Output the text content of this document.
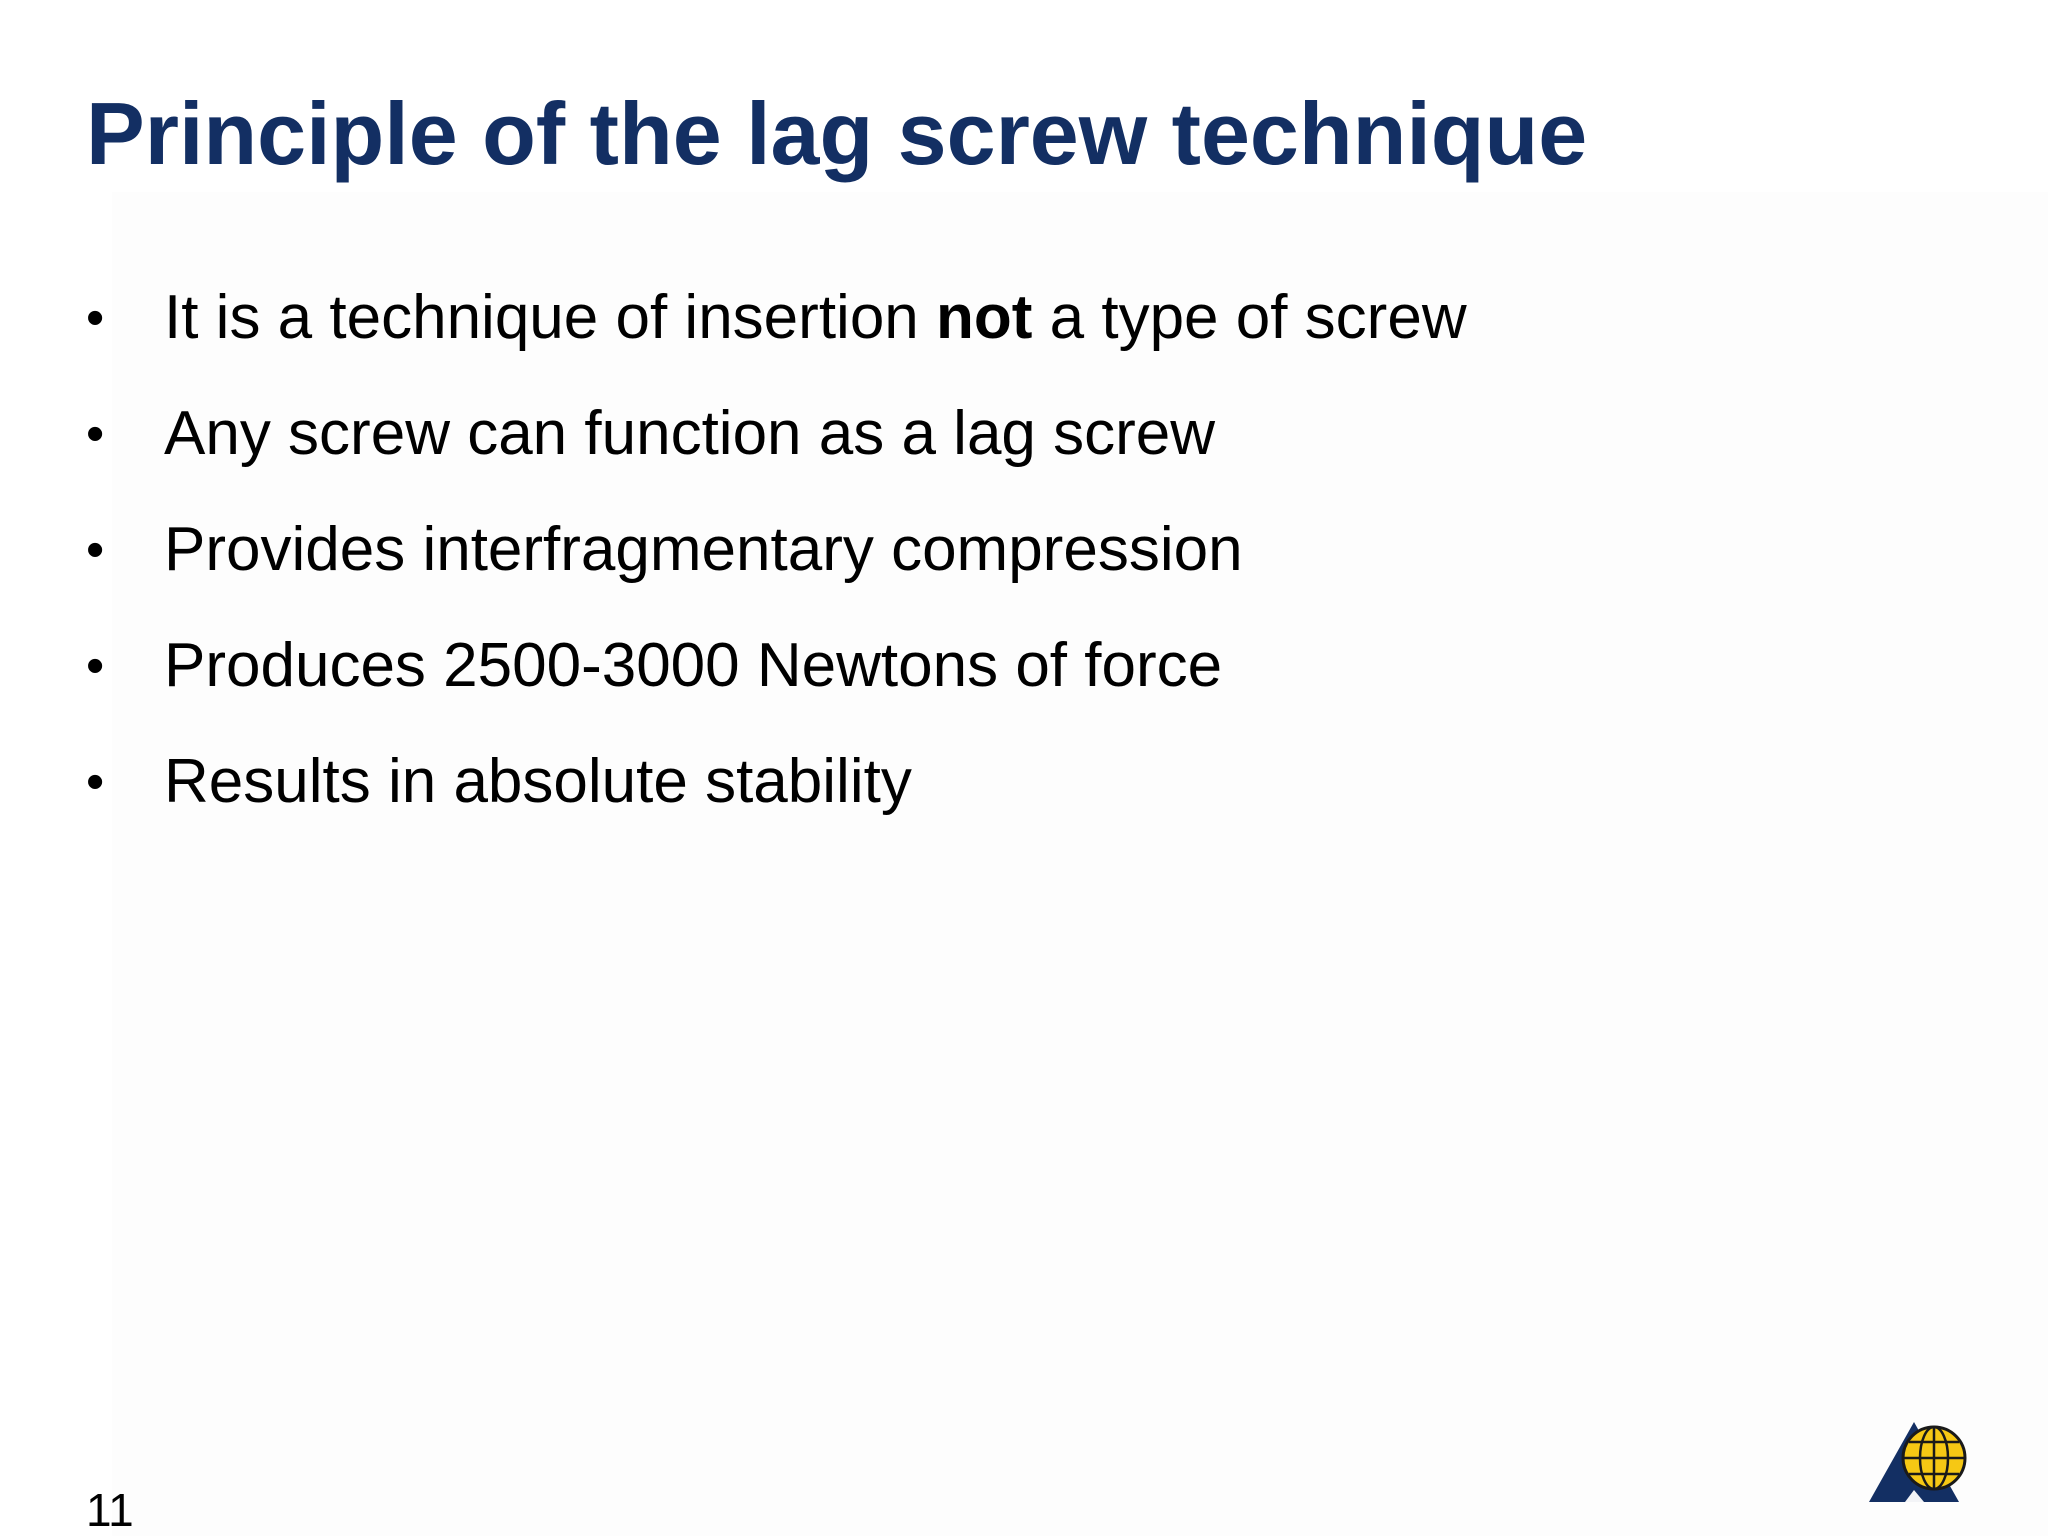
Principle of the lag screw technique
• It is a technique of insertion not a type of screw
• Any screw can function as a lag screw
• Provides interfragmentary compression
• Produces 2500-3000 Newtons of force
• Results in absolute stability
11
